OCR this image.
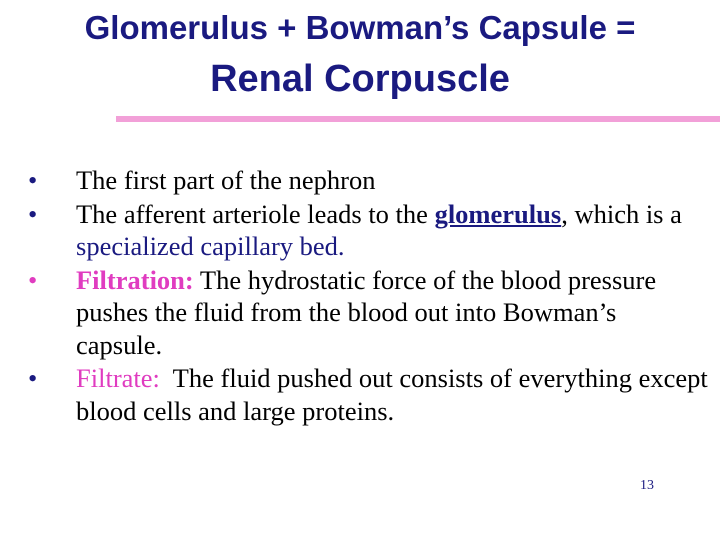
Glomerulus + Bowman’s Capsule =
Renal Corpuscle
•	The first part of the nephron
•	The afferent arteriole leads to the glomerulus, which is a specialized capillary bed.
•	Filtration: The hydrostatic force of the blood pressure pushes the fluid from the blood out into Bowman’s capsule.
•	Filtrate:  The fluid pushed out consists of everything except blood cells and large proteins.
13
